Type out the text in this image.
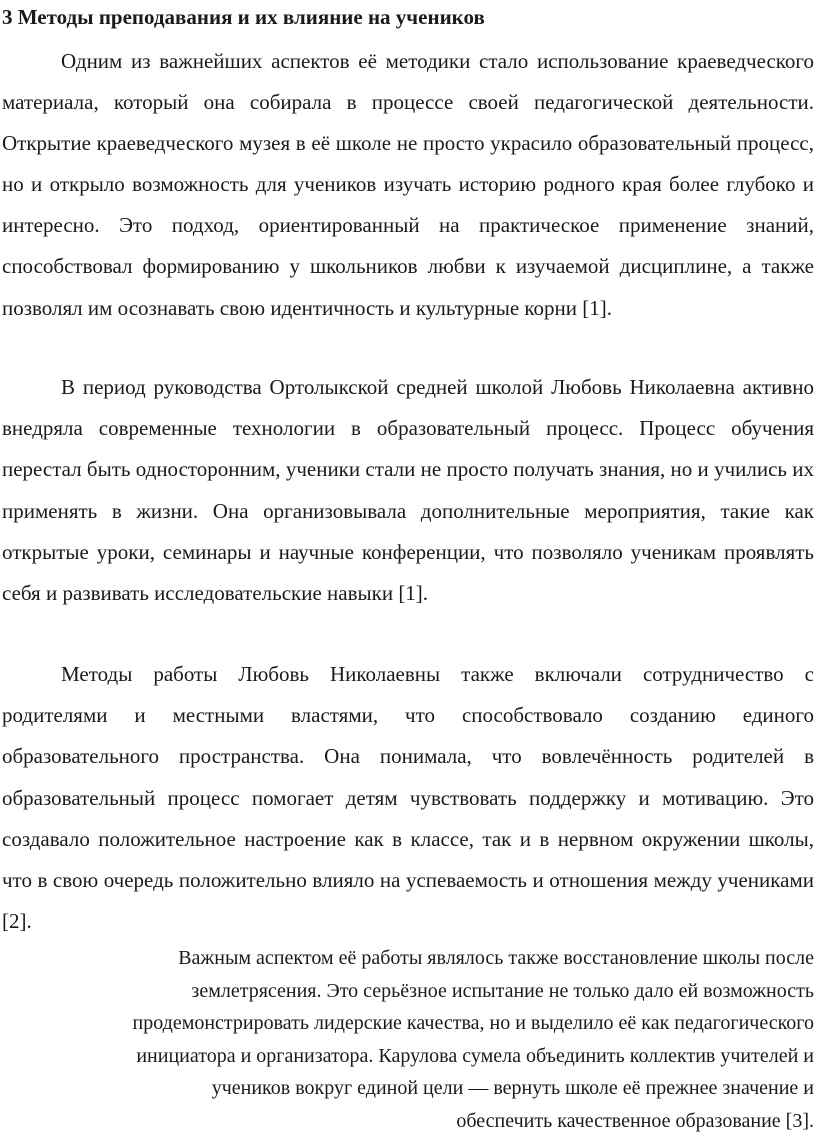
3 Методы преподавания и их влияние на учеников

Одним из важнейших аспектов её методики стало использование краеведческого материала, который она собирала в процессе своей педагогической деятельности. Открытие краеведческого музея в её школе не просто украсило образовательный процесс, но и открыло возможность для учеников изучать историю родного края более глубоко и интересно. Это подход, ориентированный на практическое применение знаний, способствовал формированию у школьников любви к изучаемой дисциплине, а также позволял им осознавать свою идентичность и культурные корни [1].

В период руководства Ортолыкской средней школой Любовь Николаевна активно внедряла современные технологии в образовательный процесс. Процесс обучения перестал быть односторонним, ученики стали не просто получать знания, но и учились их применять в жизни. Она организовывала дополнительные мероприятия, такие как открытые уроки, семинары и научные конференции, что позволяло ученикам проявлять себя и развивать исследовательские навыки [1].

Методы работы Любовь Николаевны также включали сотрудничество с родителями и местными властями, что способствовало созданию единого образовательного пространства. Она понимала, что вовлечённость родителей в образовательный процесс помогает детям чувствовать поддержку и мотивацию. Это создавало положительное настроение как в классе, так и в нервном окружении школы, что в свою очередь положительно влияло на успеваемость и отношения между учениками [2].

Важным аспектом её работы являлось также восстановление школы после
землетрясения. Это серьёзное испытание не только дало ей возможность
продемонстрировать лидерские качества, но и выделило её как педагогического
инициатора и организатора. Карулова сумела объединить коллектив учителей и
учеников вокруг единой цели — вернуть школе её прежнее значение и
обеспечить качественное образование [3].
